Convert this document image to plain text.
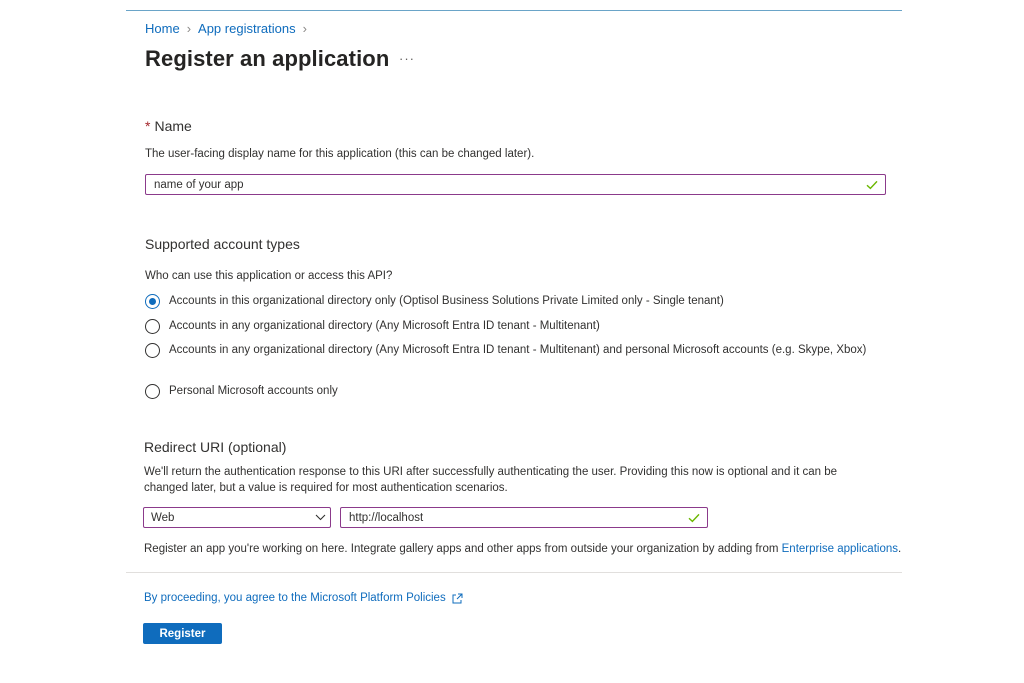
Home › App registrations ›
Register an application ···
* Name
The user-facing display name for this application (this can be changed later).
name of your app
Supported account types
Who can use this application or access this API?
Accounts in this organizational directory only (Optisol Business Solutions Private Limited only - Single tenant)
Accounts in any organizational directory (Any Microsoft Entra ID tenant - Multitenant)
Accounts in any organizational directory (Any Microsoft Entra ID tenant - Multitenant) and personal Microsoft accounts (e.g. Skype, Xbox)
Personal Microsoft accounts only
Redirect URI (optional)
We'll return the authentication response to this URI after successfully authenticating the user. Providing this now is optional and it can be changed later, but a value is required for most authentication scenarios.
Web	http://localhost
Register an app you're working on here. Integrate gallery apps and other apps from outside your organization by adding from Enterprise applications.
By proceeding, you agree to the Microsoft Platform Policies
Register
